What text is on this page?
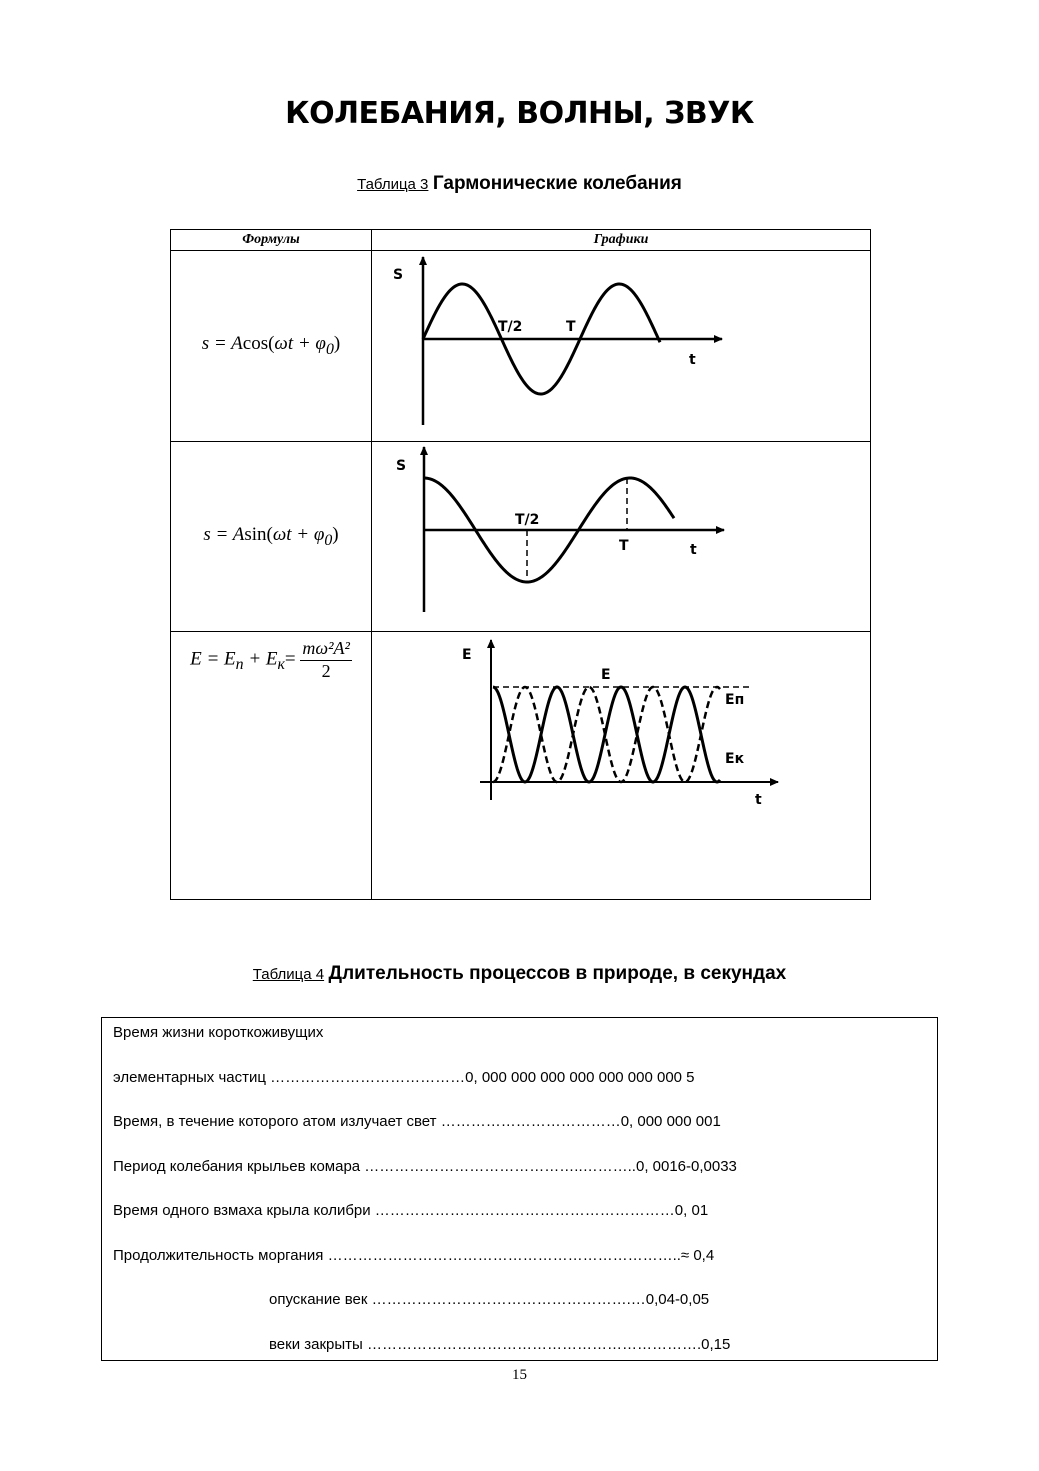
КОЛЕБАНИЯ, ВОЛНЫ, ЗВУК
Таблица 3 Гармонические колебания
Формулы	Графики
$s = Acos(\omega t + \varphi_0)$	S
T/2 T
t

$s = Asin(\omega t + \varphi_0)$	S
T/2
T t

$E = E_п + E_к= \frac{\text{mω²A²}}{2}$	E
E
Eп
Eк
t
Таблица 4 Длительность процессов в природе, в секундах
Время жизни короткоживущих
элементарных частиц …………………………………0, 000 000 000 000 000 000 000 5
Время, в течение которого атом излучает свет ………………………………0, 000 000 001
Период колебания крыльев комара ……………………………………..………..0, 0016-0,0033
Время одного взмаха крыла колибри ……………………………………………………0, 01
Продолжительность моргания ……………………………………………………………..≈ 0,4
опускание век …………………………………………….…0,04-0,05
веки закрыты ………………………………………………………….0,15
15
